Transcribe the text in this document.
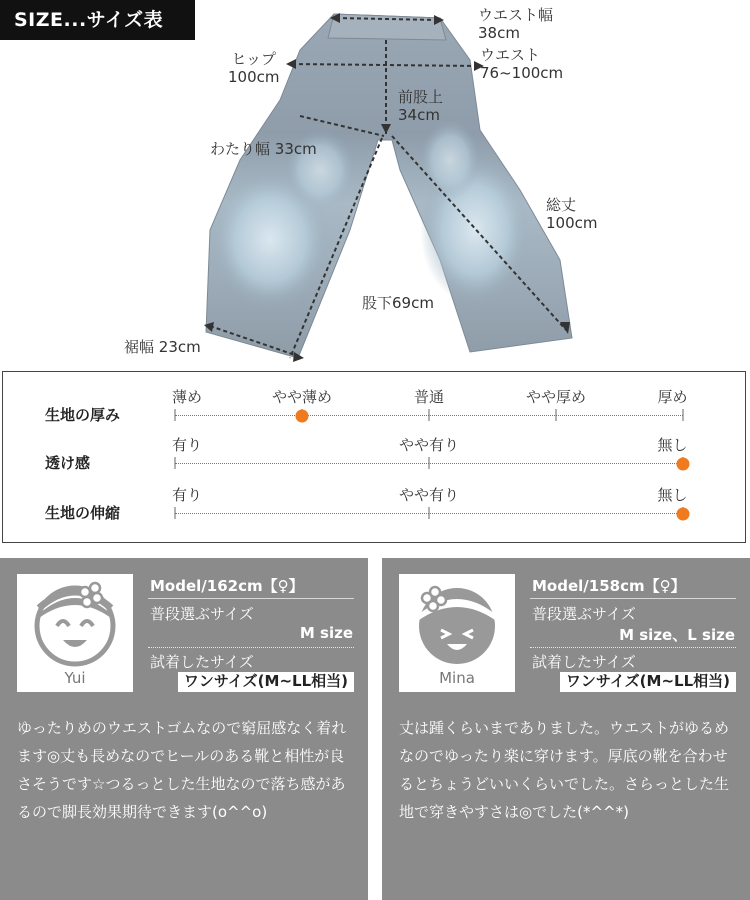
SIZE...サイズ表	ウエスト幅
38cm
ウエスト
76~100cm
ヒップ
100cm
前股上
34cm
わたり幅 33cm
総丈
100cm
股下69cm
裾幅 23cm
生地の厚み
薄め	やや薄め	普通	やや厚め	厚め
透け感
有り	やや有り	無し
生地の伸縮
有り	やや有り	無し
Yui
Model/162cm【♀】
普段選ぶサイズ
M size
試着したサイズ
ワンサイズ(M~LL相当)
ゆったりめのウエストゴムなので窮屈感なく着れます◎丈も長めなのでヒールのある靴と相性が良さそうです☆つるっとした生地なので落ち感があるので脚長効果期待できます(o^^o)
Mina
Model/158cm【♀】
普段選ぶサイズ
M size、L size
試着したサイズ
ワンサイズ(M~LL相当)
丈は踵くらいまでありました。ウエストがゆるめなのでゆったり楽に穿けます。厚底の靴を合わせるとちょうどいいくらいでした。さらっとした生地で穿きやすさは◎でした(*^^*)
